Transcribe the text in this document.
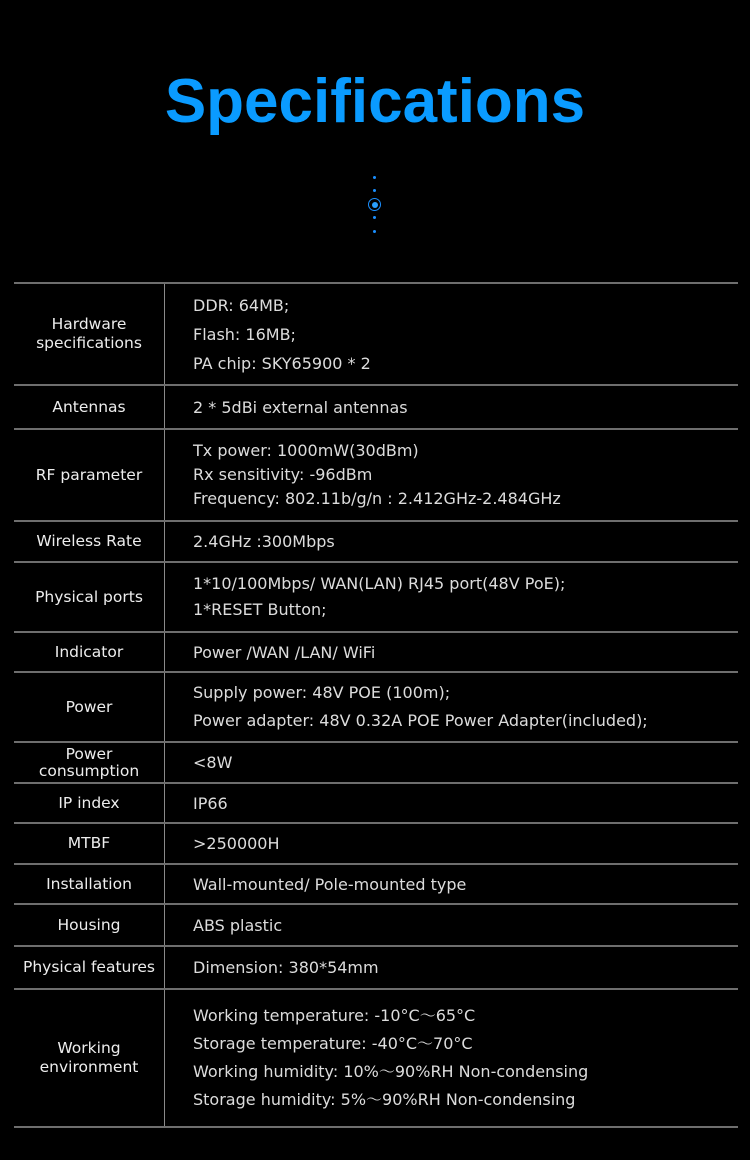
Specifications
Hardware specifications	DDR: 64MB;
Flash: 16MB;
PA chip: SKY65900 * 2

Antennas	2 * 5dBi external antennas

RF parameter	Tx power: 1000mW(30dBm)
Rx sensitivity: -96dBm
Frequency: 802.11b/g/n : 2.412GHz-2.484GHz

Wireless Rate	2.4GHz :300Mbps

Physical ports	1*10/100Mbps/ WAN(LAN) RJ45 port(48V PoE);
1*RESET Button;

Indicator	Power /WAN /LAN/ WiFi

Power	Supply power: 48V POE (100m);
Power adapter: 48V 0.32A POE Power Adapter(included);

Power consumption	<8W

IP index	IP66

MTBF	>250000H

Installation	Wall-mounted/ Pole-mounted type

Housing	ABS plastic

Physical features	Dimension: 380*54mm

Working environment	Working temperature: -10°C～65°C
Storage temperature: -40°C～70°C
Working humidity: 10%～90%RH Non-condensing
Storage humidity: 5%～90%RH Non-condensing
